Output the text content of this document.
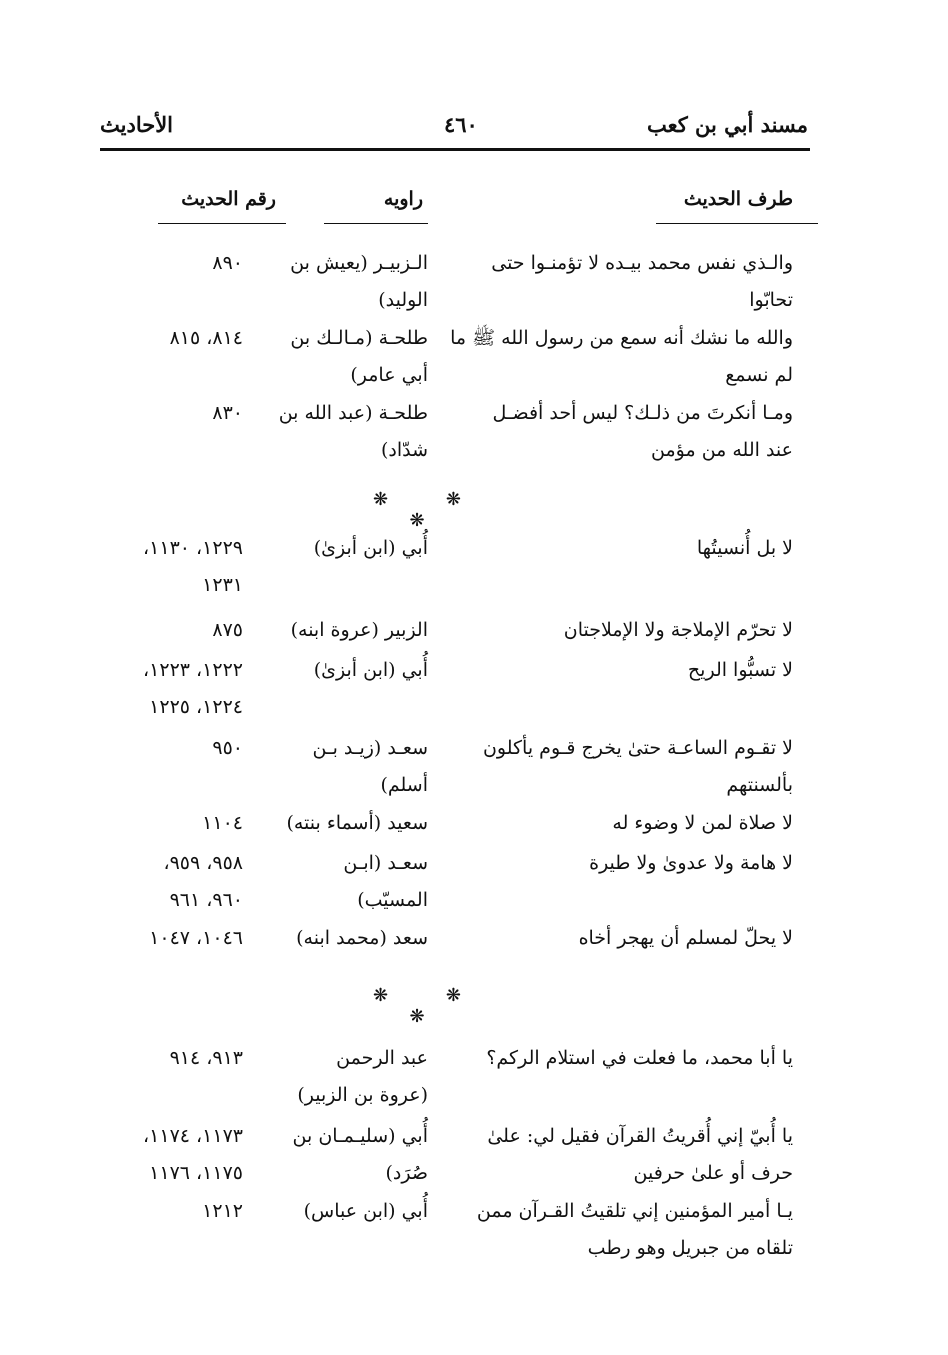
مسند أبي بن كعب
٤٦٠
الأحاديث
طرف الحديث
راويه
رقم الحديث
والـذي نفس محمد بيـده لا تؤمنـوا حتى
تحابّوا
الـزبيـر (يعيش بن
الوليد)
٨٩٠
والله ما نشك أنه سمع من رسول الله ﷺ ما
لم نسمع
طلحـة (مـالـك بن
أبي عامر)
٨١٤، ٨١٥
ومـا أنكرتَ من ذلـك؟ ليس أحد أفضـل
عند الله من مؤمن
طلحـة (عبد الله بن
شدّاد)
٨٣٠
لا بل أُنسيتُها
أُبي (ابن أبزىٰ)
١٢٢٩، ١١٣٠،
١٢٣١
لا تحرّم الإملاجة ولا الإملاجتان
الزبير (عروة ابنه)
٨٧٥
لا تسبُّوا الريح
أُبي (ابن أبزىٰ)
١٢٢٢، ١٢٢٣،
١٢٢٤، ١٢٢٥
لا تقـوم الساعـة حتىٰ يخرج قـوم يأكلون
بألسنتهم
سعـد (زيـد بـن
أسلم)
٩٥٠
لا صلاة لمن لا وضوء له
سعيد (أسماء بنته)
١١٠٤
لا هامة ولا عدوىٰ ولا طيرة
سعـد (ابـن
المسيّب)
٩٥٨، ٩٥٩،
٩٦٠، ٩٦١
لا يحلّ لمسلم أن يهجر أخاه
سعد (محمد ابنه)
١٠٤٦، ١٠٤٧
يا أبا محمد، ما فعلت في استلام الركم؟
عبد الرحمن
(عروة بن الزبير)
٩١٣، ٩١٤
يا أُبيّ إني أُقريتُ القرآن فقيل لي: علىٰ
حرف أو علىٰ حرفين
أُبي (سليـمـان بن
صُرَد)
١١٧٣، ١١٧٤،
١١٧٥، ١١٧٦
يـا أمير المؤمنين إني تلقيتُ القـرآن ممن
تلقاه من جبريل وهو رطب
أُبي (ابن عباس)
١٢١٢
❋ ❋ ❋
❋ ❋ ❋
